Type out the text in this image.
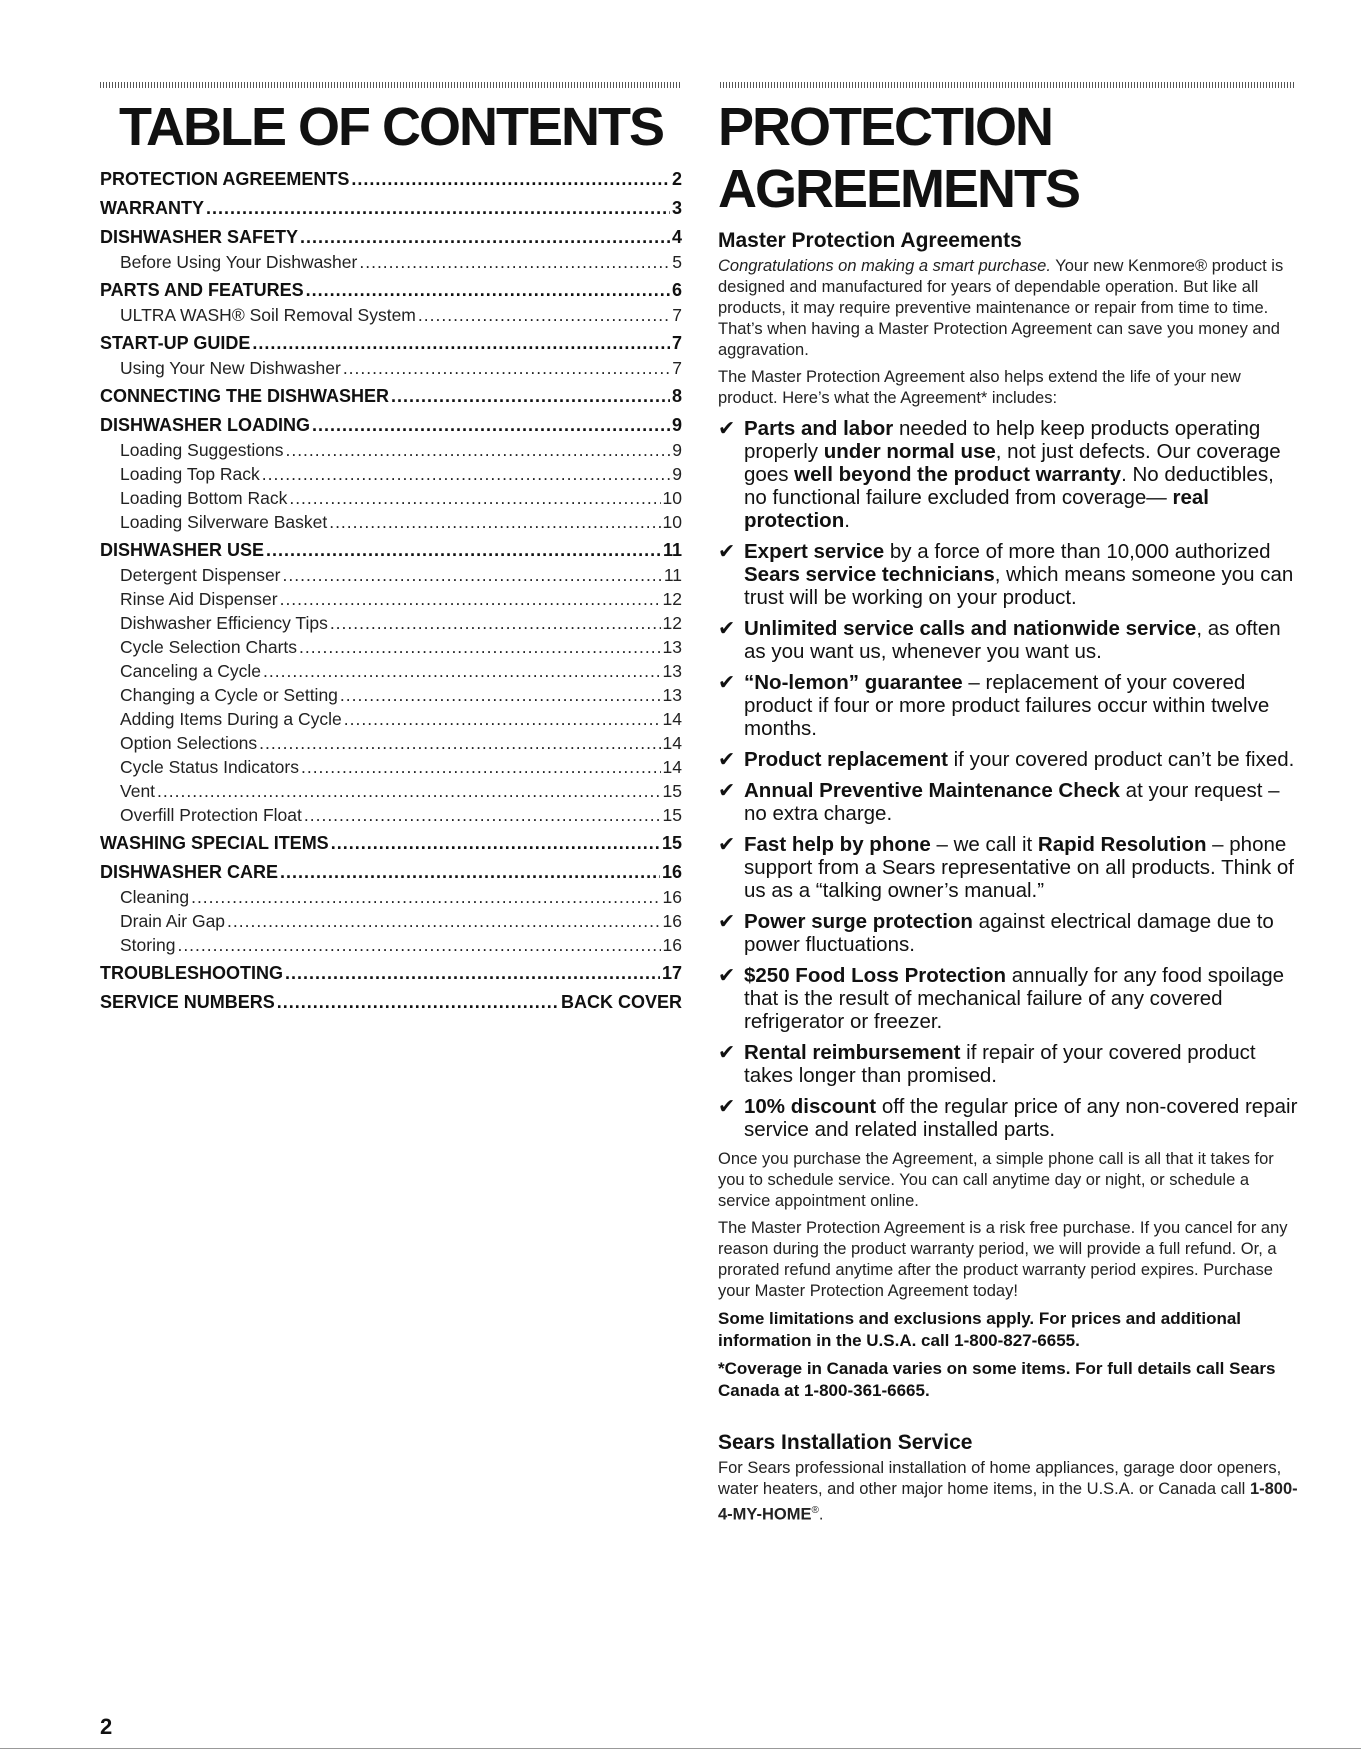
TABLE OF CONTENTS
PROTECTION AGREEMENTS .....	2
WARRANTY .....	3
DISHWASHER SAFETY .....	4
Before Using Your Dishwasher .....	5
PARTS AND FEATURES .....	6
ULTRA WASH® Soil Removal System .....	7
START-UP GUIDE .....	7
Using Your New Dishwasher .....	7
CONNECTING THE DISHWASHER .....	8
DISHWASHER LOADING .....	9
Loading Suggestions .....	9
Loading Top Rack .....	9
Loading Bottom Rack .....	10
Loading Silverware Basket .....	10
DISHWASHER USE .....	11
Detergent Dispenser .....	11
Rinse Aid Dispenser .....	12
Dishwasher Efficiency Tips .....	12
Cycle Selection Charts .....	13
Canceling a Cycle .....	13
Changing a Cycle or Setting .....	13
Adding Items During a Cycle .....	14
Option Selections .....	14
Cycle Status Indicators .....	14
Vent .....	15
Overfill Protection Float .....	15
WASHING SPECIAL ITEMS .....	15
DISHWASHER CARE .....	16
Cleaning .....	16
Drain Air Gap .....	16
Storing .....	16
TROUBLESHOOTING .....	17
SERVICE NUMBERS .....	BACK COVER
PROTECTION AGREEMENTS
Master Protection Agreements

Congratulations on making a smart purchase. Your new Kenmore® product is designed and manufactured for years of dependable operation. But like all products, it may require preventive maintenance or repair from time to time. That’s when having a Master Protection Agreement can save you money and aggravation.

The Master Protection Agreement also helps extend the life of your new product. Here’s what the Agreement* includes:

✔ Parts and labor needed to help keep products operating properly under normal use, not just defects. Our coverage goes well beyond the product warranty. No deductibles, no functional failure excluded from coverage— real protection.
✔ Expert service by a force of more than 10,000 authorized Sears service technicians, which means someone you can trust will be working on your product.
✔ Unlimited service calls and nationwide service, as often as you want us, whenever you want us.
✔ “No-lemon” guarantee – replacement of your covered product if four or more product failures occur within twelve months.
✔ Product replacement if your covered product can’t be fixed.
✔ Annual Preventive Maintenance Check at your request – no extra charge.
✔ Fast help by phone – we call it Rapid Resolution – phone support from a Sears representative on all products. Think of us as a “talking owner’s manual.”
✔ Power surge protection against electrical damage due to power fluctuations.
✔ $250 Food Loss Protection annually for any food spoilage that is the result of mechanical failure of any covered refrigerator or freezer.
✔ Rental reimbursement if repair of your covered product takes longer than promised.
✔ 10% discount off the regular price of any non-covered repair service and related installed parts.

Once you purchase the Agreement, a simple phone call is all that it takes for you to schedule service. You can call anytime day or night, or schedule a service appointment online.

The Master Protection Agreement is a risk free purchase. If you cancel for any reason during the product warranty period, we will provide a full refund. Or, a prorated refund anytime after the product warranty period expires. Purchase your Master Protection Agreement today!

Some limitations and exclusions apply. For prices and additional information in the U.S.A. call 1-800-827-6655.

*Coverage in Canada varies on some items. For full details call Sears Canada at 1-800-361-6665.

Sears Installation Service

For Sears professional installation of home appliances, garage door openers, water heaters, and other major home items, in the U.S.A. or Canada call 1-800-4-MY-HOME®.

2
